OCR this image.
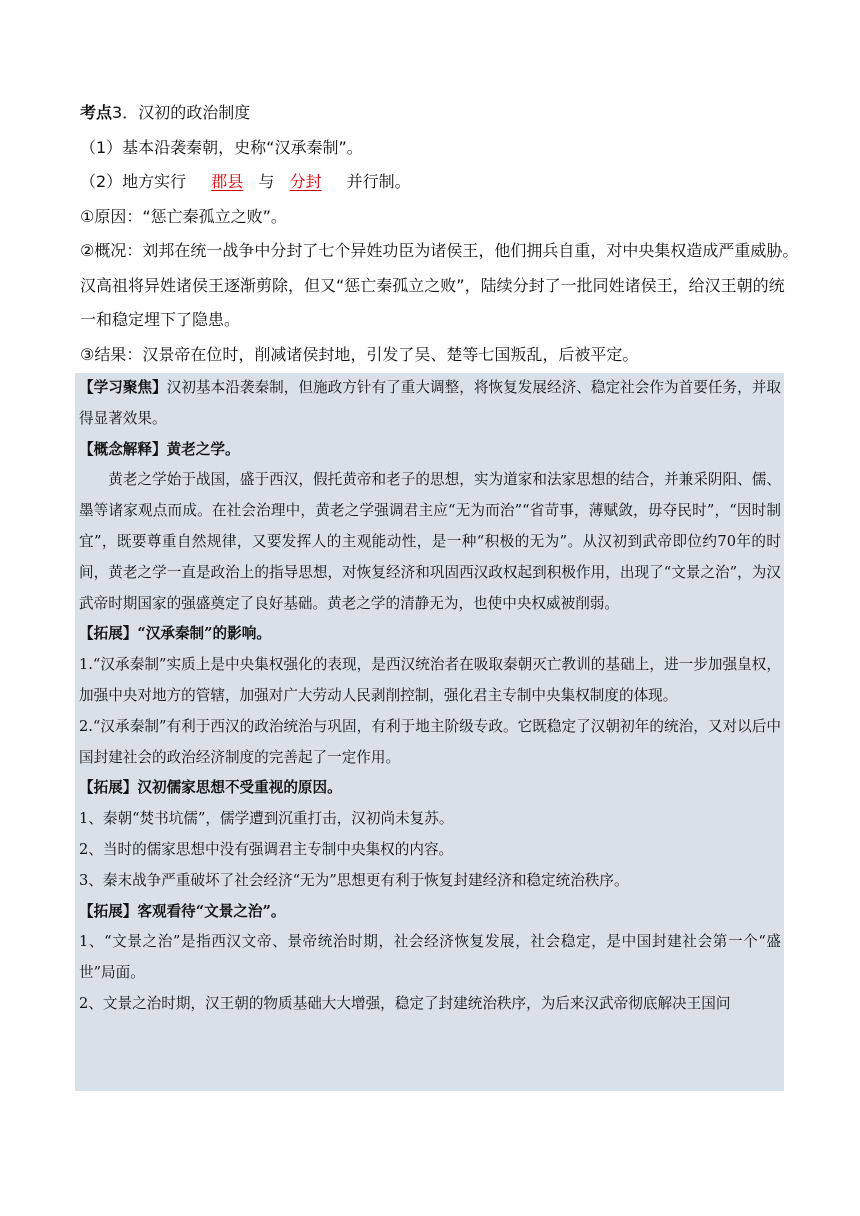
考点3．汉初的政治制度
（1）基本沿袭秦朝，史称“汉承秦制”。
（2）地方实行 郡县 与 分封 并行制。
①原因：“惩亡秦孤立之败”。
②概况：刘邦在统一战争中分封了七个异姓功臣为诸侯王，他们拥兵自重，对中央集权造成严重威胁。汉高祖将异姓诸侯王逐渐剪除，但又“惩亡秦孤立之败”，陆续分封了一批同姓诸侯王，给汉王朝的统一和稳定埋下了隐患。
③结果：汉景帝在位时，削减诸侯封地，引发了吴、楚等七国叛乱，后被平定。

【学习聚焦】汉初基本沿袭秦制，但施政方针有了重大调整，将恢复发展经济、稳定社会作为首要任务，并取得显著效果。

【概念解释】黄老之学。

黄老之学始于战国，盛于西汉，假托黄帝和老子的思想，实为道家和法家思想的结合，并兼采阴阳、儒、墨等诸家观点而成。在社会治理中，黄老之学强调君主应“无为而治”“省苛事，薄赋敛，毋夺民时”，“因时制宜”，既要尊重自然规律，又要发挥人的主观能动性，是一种“积极的无为”。从汉初到武帝即位约70年的时间，黄老之学一直是政治上的指导思想，对恢复经济和巩固西汉政权起到积极作用，出现了“文景之治”，为汉武帝时期国家的强盛奠定了良好基础。黄老之学的清静无为，也使中央权威被削弱。

【拓展】“汉承秦制”的影响。

1.“汉承秦制”实质上是中央集权强化的表现，是西汉统治者在吸取秦朝灭亡教训的基础上，进一步加强皇权，加强中央对地方的管辖，加强对广大劳动人民剥削控制，强化君主专制中央集权制度的体现。

2.“汉承秦制”有利于西汉的政治统治与巩固，有利于地主阶级专政。它既稳定了汉朝初年的统治，又对以后中国封建社会的政治经济制度的完善起了一定作用。

【拓展】汉初儒家思想不受重视的原因。

1、秦朝“焚书坑儒”，儒学遭到沉重打击，汉初尚未复苏。

2、当时的儒家思想中没有强调君主专制中央集权的内容。

3、秦末战争严重破坏了社会经济“无为”思想更有利于恢复封建经济和稳定统治秩序。

【拓展】客观看待“文景之治”。

1、“文景之治”是指西汉文帝、景帝统治时期，社会经济恢复发展，社会稳定，是中国封建社会第一个“盛世”局面。

2、文景之治时期，汉王朝的物质基础大大增强，稳定了封建统治秩序，为后来汉武帝彻底解决王国问
